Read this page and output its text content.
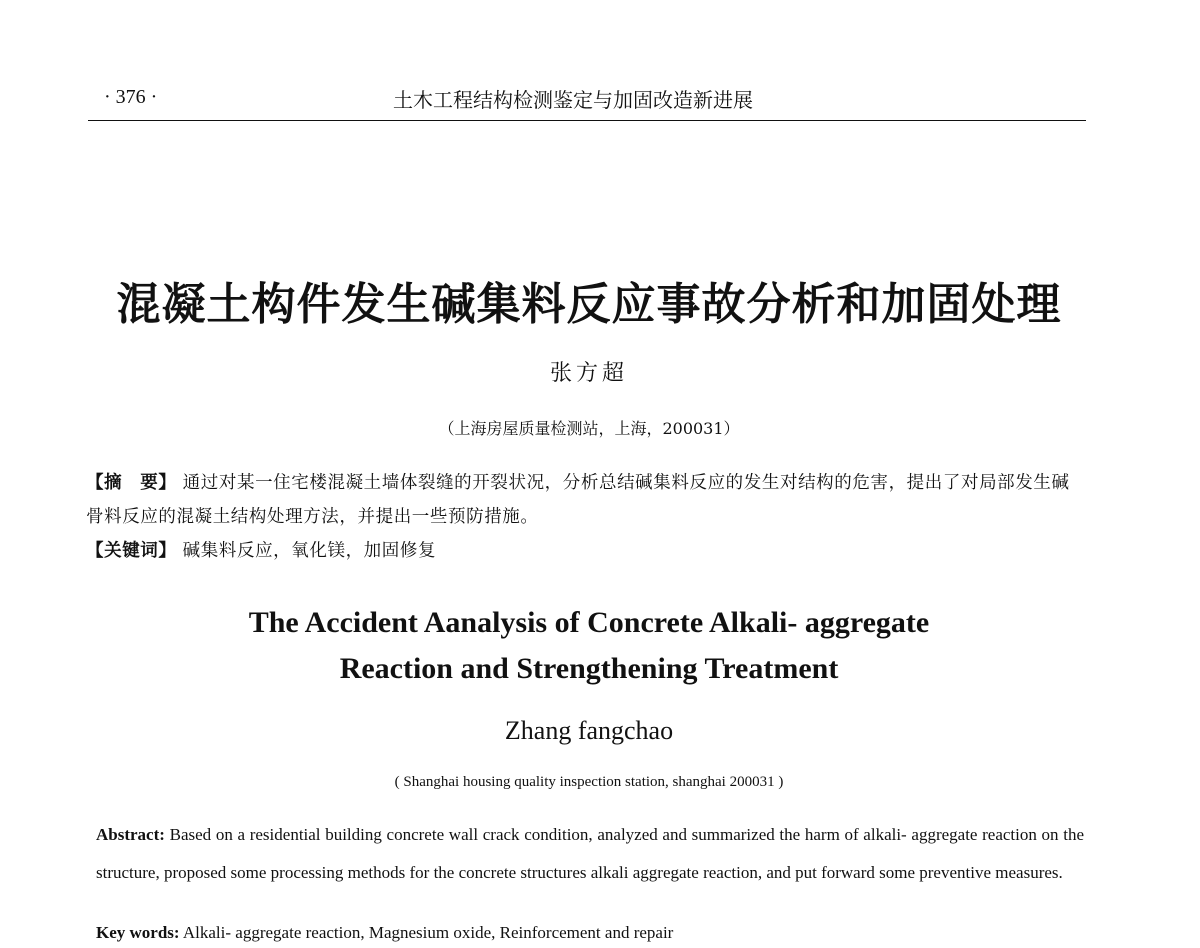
· 376 ·	土木工程结构检测鉴定与加固改造新进展
混凝土构件发生碱集料反应事故分析和加固处理
张方超
（上海房屋质量检测站，上海，200031）
【摘　要】 通过对某一住宅楼混凝土墙体裂缝的开裂状况，分析总结碱集料反应的发生对结构的危害，提出了对局部发生碱骨料反应的混凝土结构处理方法，并提出一些预防措施。
【关键词】 碱集料反应，氧化镁，加固修复
The Accident Aanalysis of Concrete Alkali- aggregate
Reaction and Strengthening Treatment
Zhang fangchao
( Shanghai housing quality inspection station, shanghai 200031 )
Abstract: Based on a residential building concrete wall crack condition, analyzed and summarized the harm of alkali- aggregate reaction on the structure, proposed some processing methods for the concrete structures alkali aggregate reaction, and put forward some preventive measures.
Key words: Alkali- aggregate reaction, Magnesium oxide, Reinforcement and repair
